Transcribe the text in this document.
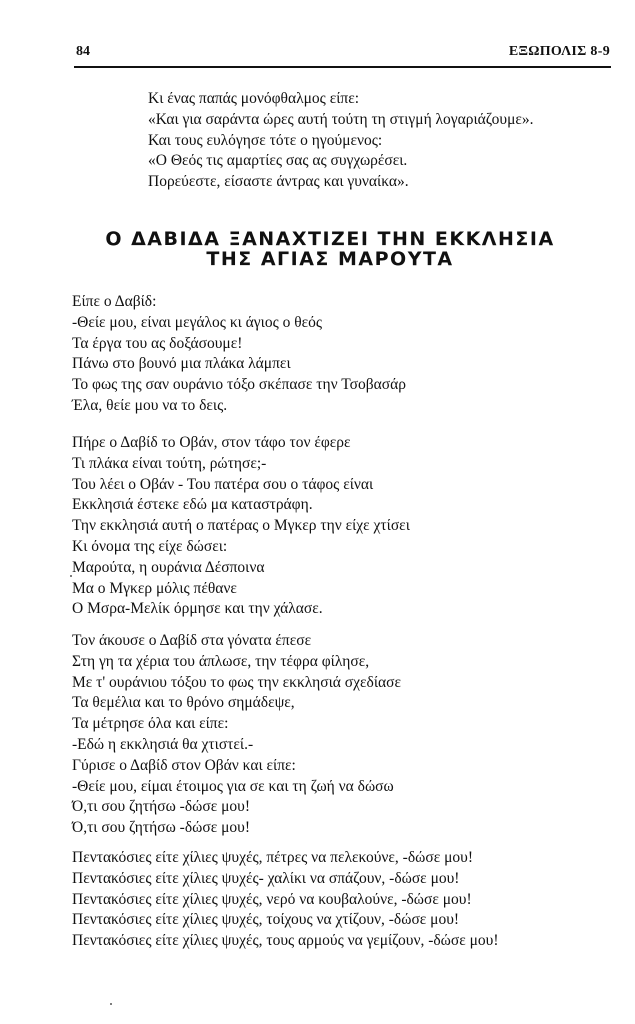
84	ΕΞΩΠΟΛΙΣ 8-9
Κι ένας παπάς μονόφθαλμος είπε:
«Και για σαράντα ώρες αυτή τούτη τη στιγμή λογαριάζουμε».
Και τους ευλόγησε τότε ο ηγούμενος:
«Ο Θεός τις αμαρτίες σας ας συγχωρέσει.
Πορεύεστε, είσαστε άντρας και γυναίκα».
Ο ΔΑΒΙΔΑ ΞΑΝΑΧΤΙΖΕΙ ΤΗΝ ΕΚΚΛΗΣΙΑ
ΤΗΣ ΑΓΙΑΣ ΜΑΡΟΥΤΑ
Είπε ο Δαβίδ:
-Θείε μου, είναι μεγάλος κι άγιος ο θεός
Τα έργα του ας δοξάσουμε!
Πάνω στο βουνό μια πλάκα λάμπει
Το φως της σαν ουράνιο τόξο σκέπασε την Τσοβασάρ
Έλα, θείε μου να το δεις.
Πήρε ο Δαβίδ το Οβάν, στον τάφο τον έφερε
Τι πλάκα είναι τούτη, ρώτησε;-
Του λέει ο Οβάν - Του πατέρα σου ο τάφος είναι
Εκκλησιά έστεκε εδώ μα καταστράφη.
Την εκκλησιά αυτή ο πατέρας ο Μγκερ την είχε χτίσει
Κι όνομα της είχε δώσει:
Μαρούτα, η ουράνια Δέσποινα
Μα ο Μγκερ μόλις πέθανε
Ο Μσρα-Μελίκ όρμησε και την χάλασε.
Τον άκουσε ο Δαβίδ στα γόνατα έπεσε
Στη γη τα χέρια του άπλωσε, την τέφρα φίλησε,
Με τ' ουράνιου τόξου το φως την εκκλησιά σχεδίασε
Τα θεμέλια και το θρόνο σημάδεψε,
Τα μέτρησε όλα και είπε:
-Εδώ η εκκλησιά θα χτιστεί.-
Γύρισε ο Δαβίδ στον Οβάν και είπε:
-Θείε μου, είμαι έτοιμος για σε και τη ζωή να δώσω
Ό,τι σου ζητήσω -δώσε μου!
Ό,τι σου ζητήσω -δώσε μου!
Πεντακόσιες είτε χίλιες ψυχές, πέτρες να πελεκούνε, -δώσε μου!
Πεντακόσιες είτε χίλιες ψυχές- χαλίκι να σπάζουν, -δώσε μου!
Πεντακόσιες είτε χίλιες ψυχές, νερό να κουβαλούνε, -δώσε μου!
Πεντακόσιες είτε χίλιες ψυχές, τοίχους να χτίζουν, -δώσε μου!
Πεντακόσιες είτε χίλιες ψυχές, τους αρμούς να γεμίζουν, -δώσε μου!
